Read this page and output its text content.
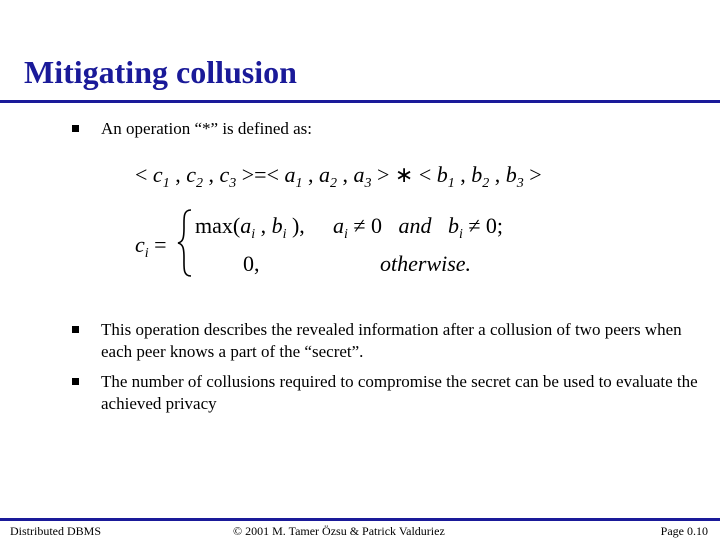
Mitigating collusion
An operation “*” is defined as:
< $c_1$ , $c_2$ , $c_3$ >=< $a_1$ , $a_2$ , $a_3$ > ∗ < $b_1$ , $b_2$ , $b_3$ >
$c_i$ =
$\max(a_i$ , $b_i$ ), $a_i \ne 0$   and $b_i \ne 0$;
0,	otherwise.
This operation describes the revealed information after a collusion of two peers when each peer knows a part of the “secret”.
The number of collusions required to compromise the secret can be used to evaluate the achieved privacy
Distributed DBMS	© 2001 M. Tamer Özsu & Patrick Valduriez	Page 0.10
